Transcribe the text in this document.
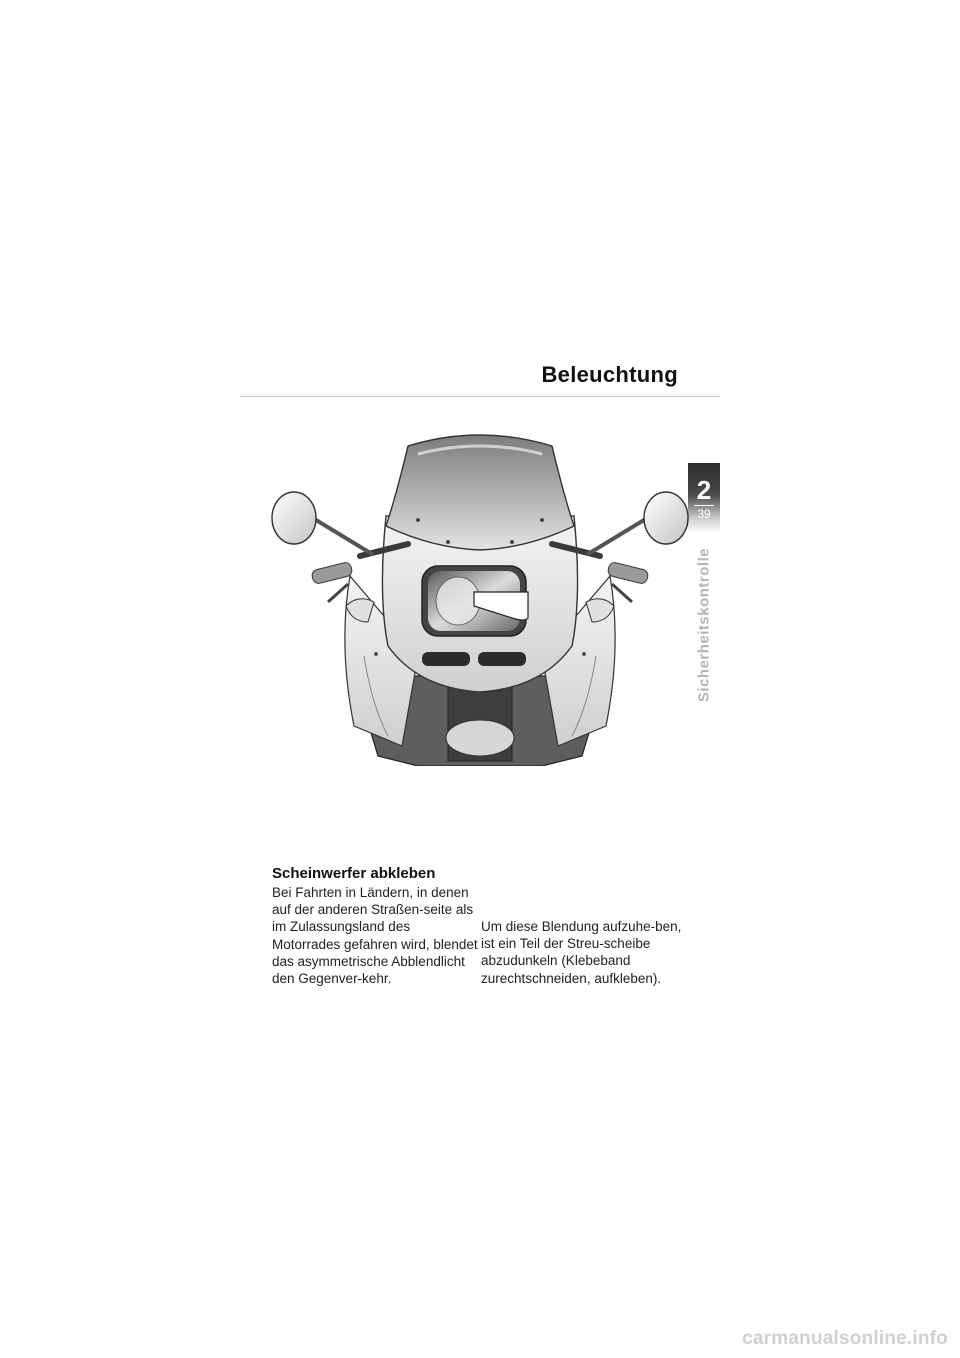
Beleuchtung
2
39
Sicherheitskontrolle
Scheinwerfer abkleben

Bei Fahrten in Ländern, in denen auf der anderen Straßen-seite als im Zulassungsland des Motorrades gefahren wird, blendet das asymmetrische Abblendlicht den Gegenver-kehr.

Um diese Blendung aufzuhe-ben, ist ein Teil der Streu-scheibe abzudunkeln (Klebeband zurechtschneiden, aufkleben).

carmanualsonline.info
